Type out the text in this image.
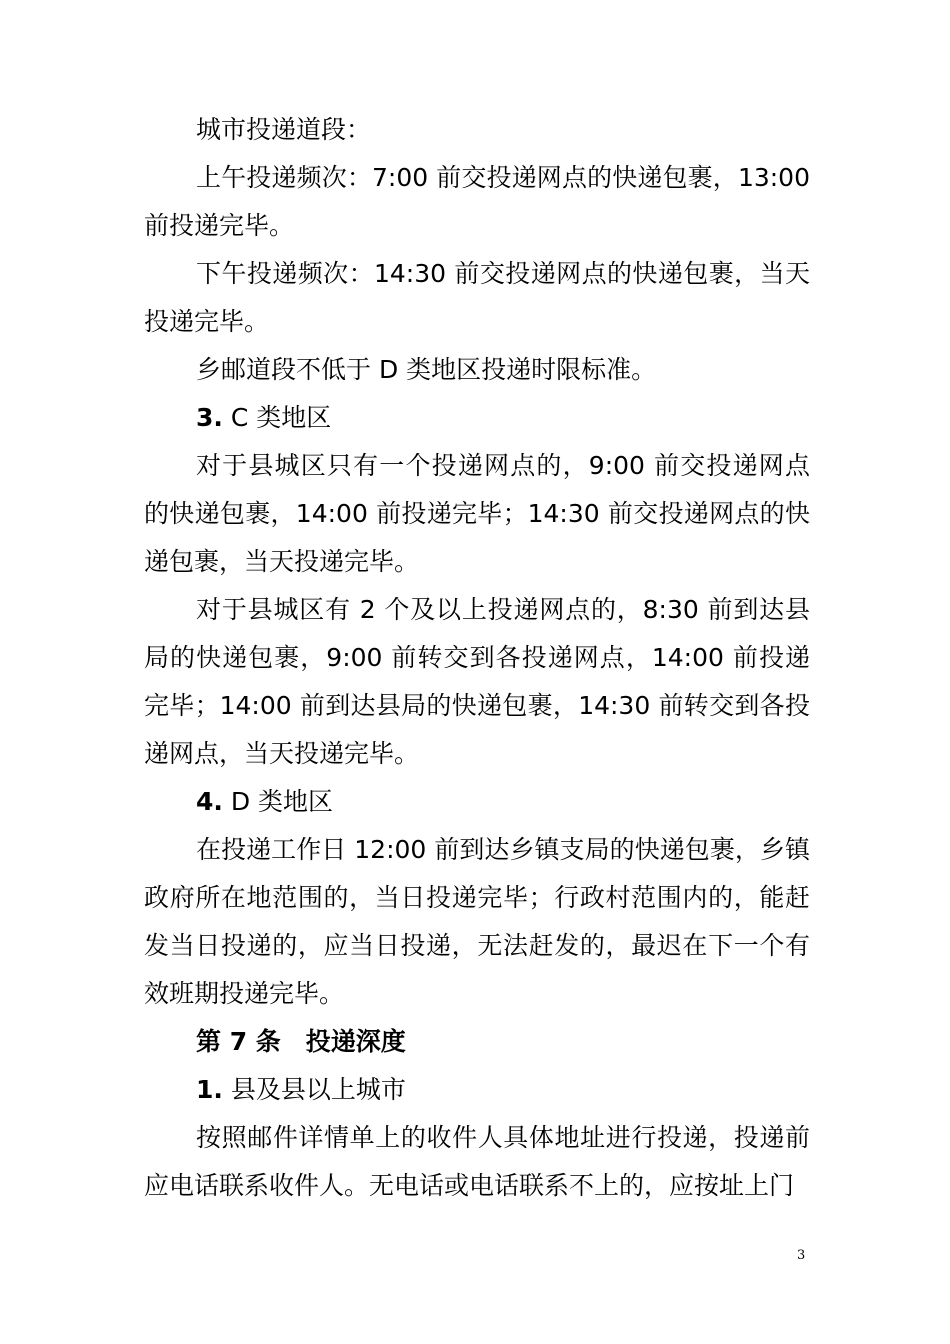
城市投递道段：

上午投递频次：7:00 前交投递网点的快递包裹，13:00 前投递完毕。

下午投递频次：14:30 前交投递网点的快递包裹，当天投递完毕。

乡邮道段不低于 D 类地区投递时限标准。

3. C 类地区

对于县城区只有一个投递网点的，9:00 前交投递网点的快递包裹，14:00 前投递完毕；14:30 前交投递网点的快递包裹，当天投递完毕。

对于县城区有 2 个及以上投递网点的，8:30 前到达县局的快递包裹，9:00 前转交到各投递网点，14:00 前投递完毕；14:00 前到达县局的快递包裹，14:30 前转交到各投递网点，当天投递完毕。

4. D 类地区

在投递工作日 12:00 前到达乡镇支局的快递包裹，乡镇政府所在地范围的，当日投递完毕；行政村范围内的，能赶发当日投递的，应当日投递，无法赶发的，最迟在下一个有效班期投递完毕。

第 7 条　投递深度

1. 县及县以上城市

按照邮件详情单上的收件人具体地址进行投递，投递前应电话联系收件人。无电话或电话联系不上的，应按址上门

3
